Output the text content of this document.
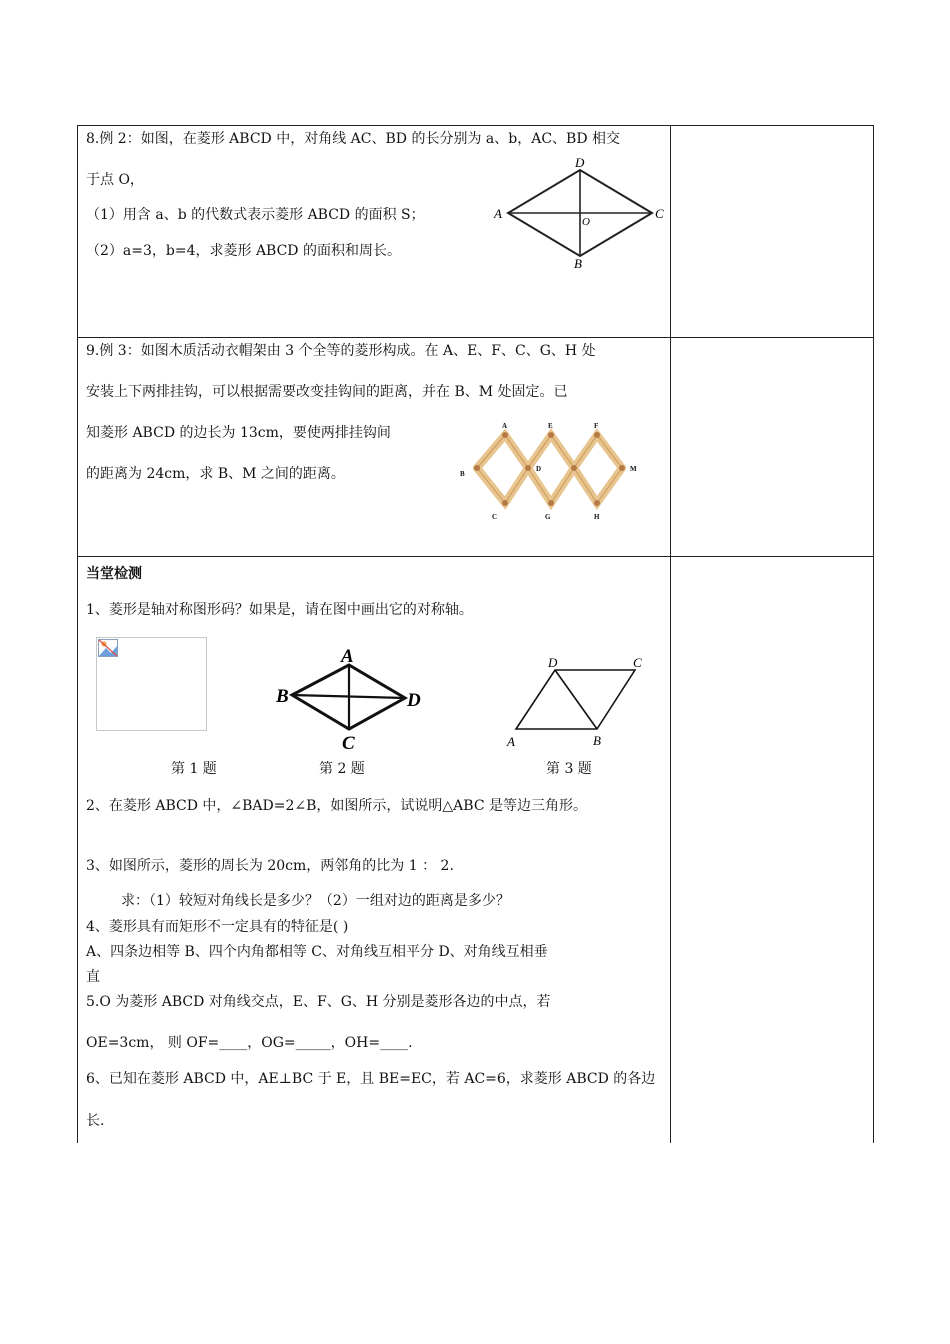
8.例 2：如图，在菱形 ABCD 中，对角线 AC、BD 的长分别为 a、b，AC、BD 相交
于点 O，
（1）用含 a、b 的代数式表示菱形 ABCD 的面积 S；
（2）a=3，b=4，求菱形 ABCD 的面积和周长。
A
D
C
B
O
9.例 3：如图木质活动衣帽架由 3 个全等的菱形构成。在 A、E、F、C、G、H 处
安装上下两排挂钩，可以根据需要改变挂钩间的距离，并在 B、M 处固定。已
知菱形 ABCD 的边长为 13cm，要使两排挂钩间
的距离为 24cm，求 B、M 之间的距离。
A	E	F
B
D	M
C	G	H
当堂检测
1、菱形是轴对称图形码？如果是，请在图中画出它的对称轴。
A
B	D
C
D	C
A	B
第 1 题	第 2 题	第 3 题
2、在菱形 ABCD 中，∠BAD=2∠B，如图所示，试说明△ABC 是等边三角形。
3、如图所示，菱形的周长为 20cm，两邻角的比为 1 ： 2.
求：（1）较短对角线长是多少？（2）一组对边的距离是多少？
4、菱形具有而矩形不一定具有的特征是( )
A、四条边相等 B、四个内角都相等 C、对角线互相平分 D、对角线互相垂
直
5.O 为菱形 ABCD 对角线交点，E、F、G、H 分别是菱形各边的中点，若
OE=3cm， 则 OF=____，OG=_____，OH=____.
6、已知在菱形 ABCD 中，AE⊥BC 于 E，且 BE=EC，若 AC=6，求菱形 ABCD 的各边
长.
